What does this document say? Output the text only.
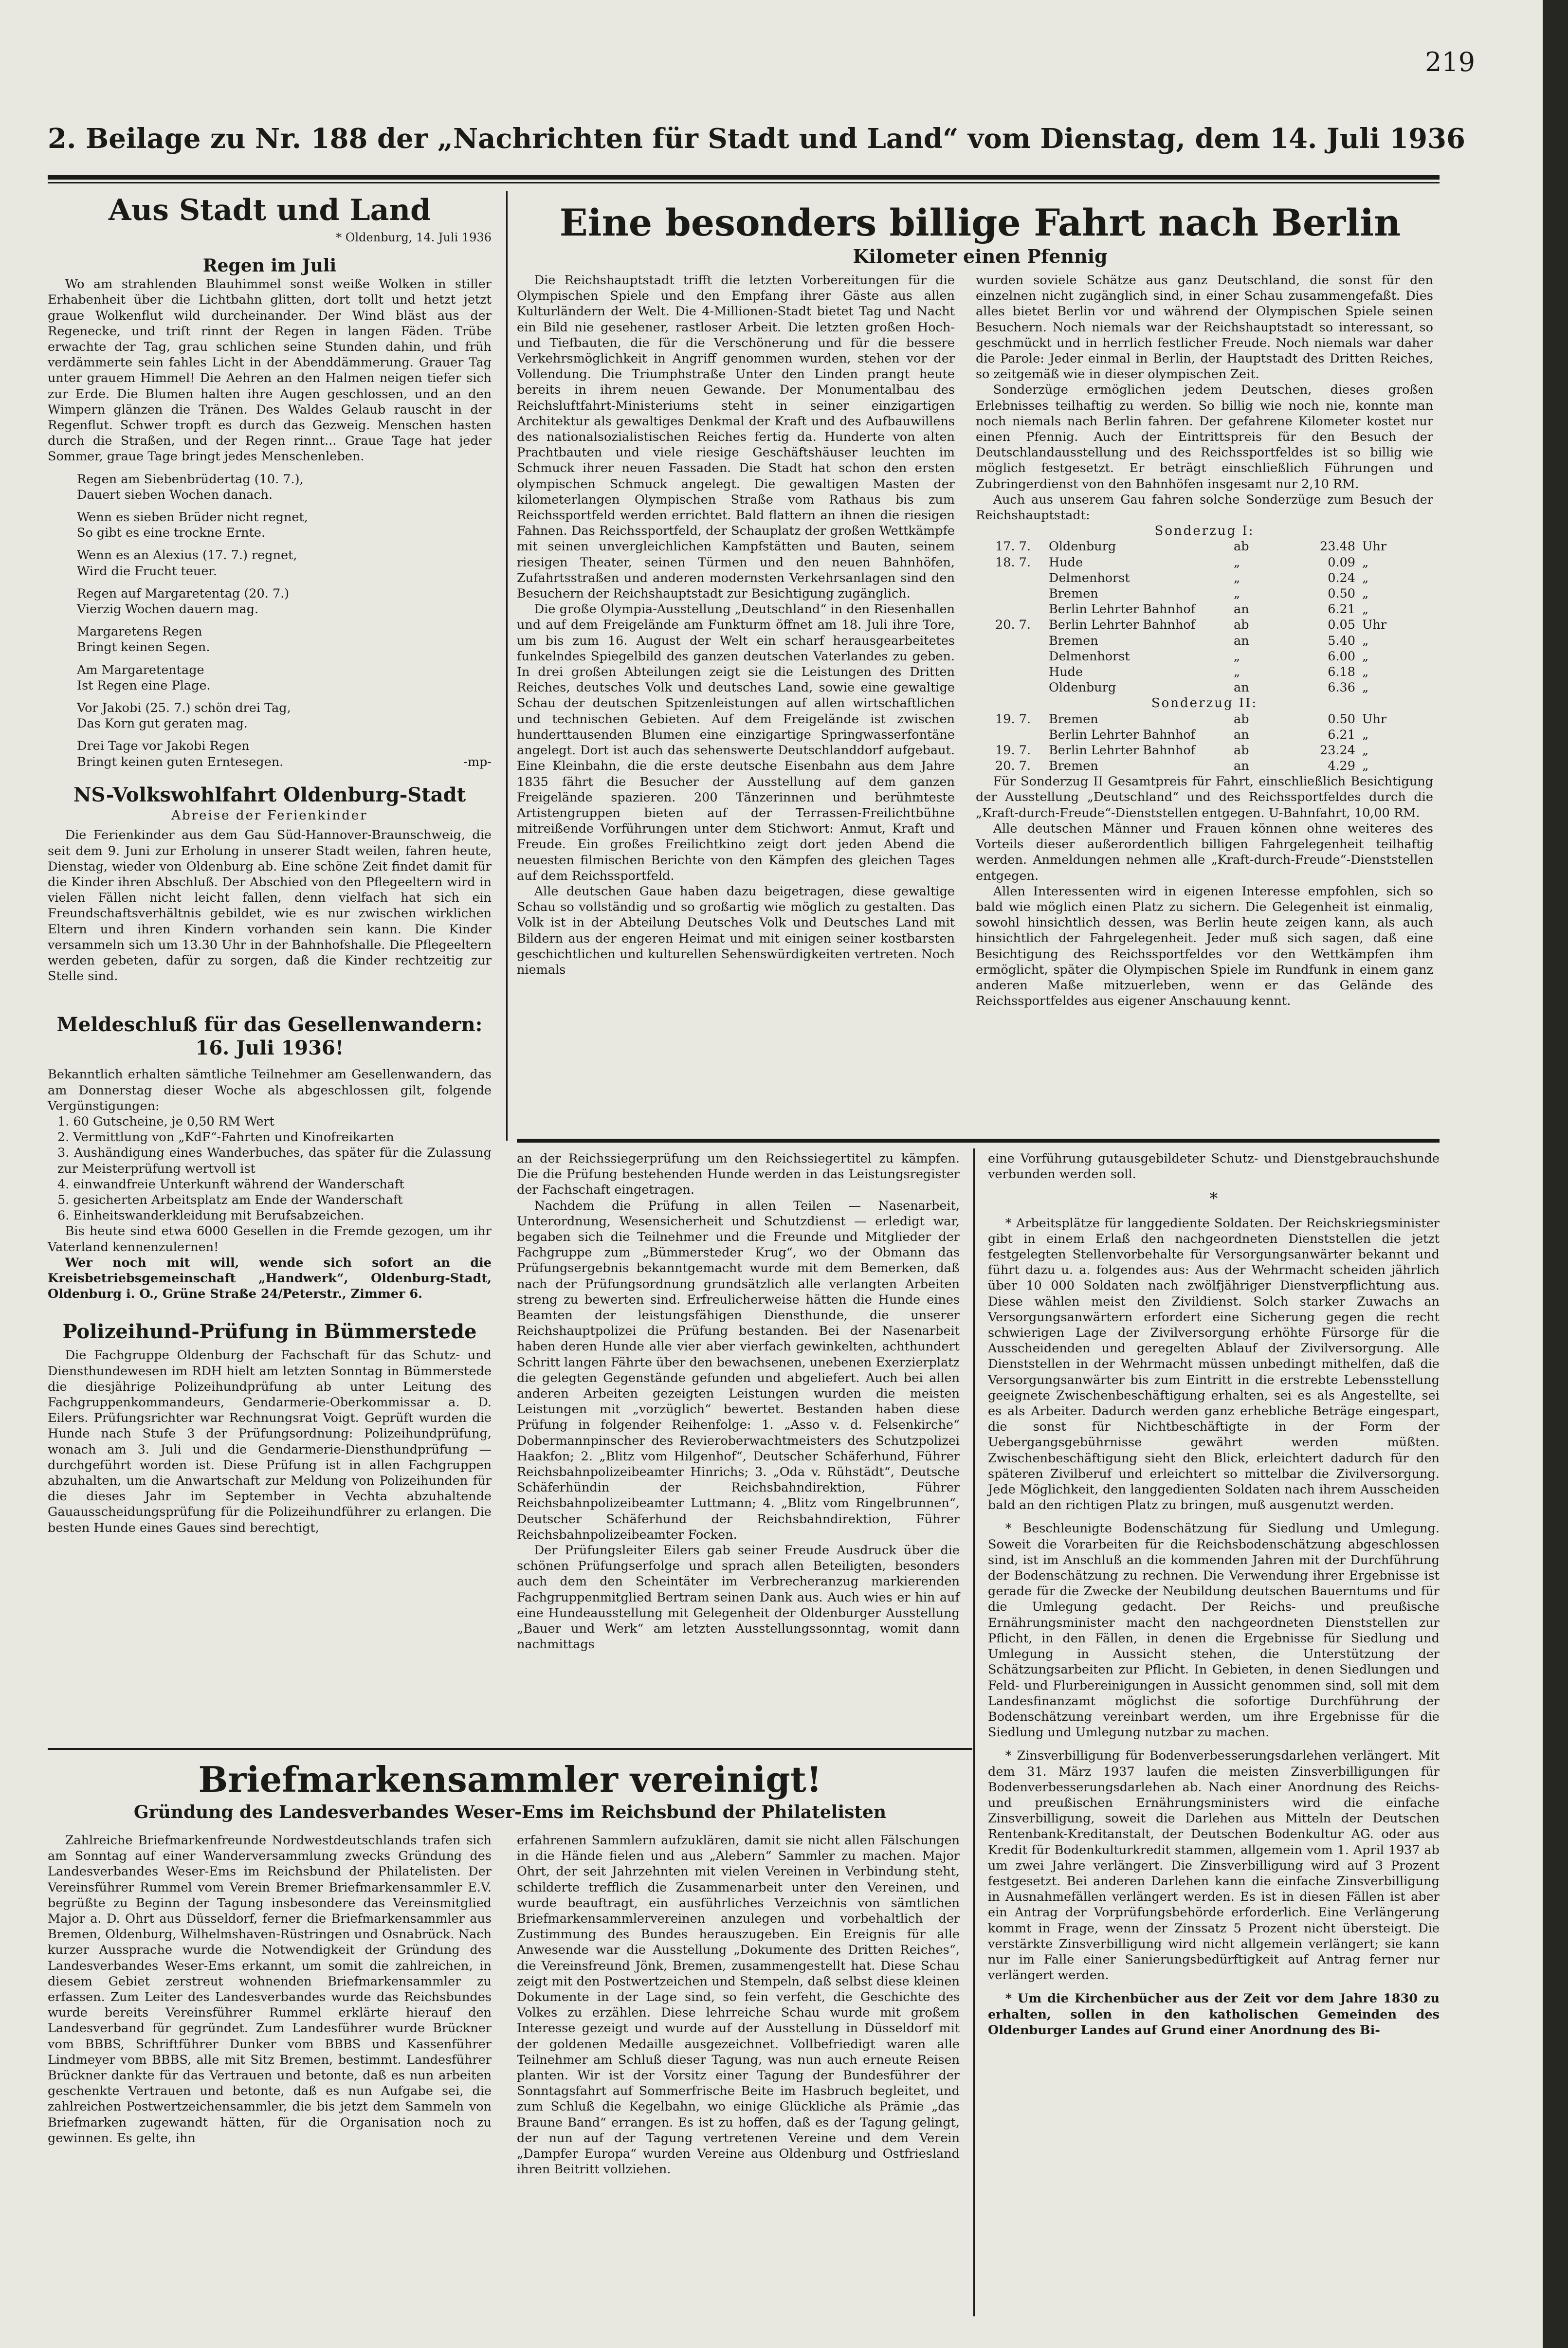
219
2. Beilage zu Nr. 188 der „Nachrichten für Stadt und Land“ vom Dienstag, dem 14. Juli 1936
Aus Stadt und Land
* Oldenburg, 14. Juli 1936
Regen im Juli

Wo am strahlenden Blauhimmel sonst weiße Wolken in stiller Erhabenheit über die Lichtbahn glitten, dort tollt und hetzt jetzt graue Wolkenflut wild durcheinander. Der Wind bläst aus der Regenecke, und triſt rinnt der Regen in langen Fäden. Trübe erwachte der Tag, grau schlichen seine Stunden dahin, und früh verdämmerte sein fahles Licht in der Abenddämmerung. Grauer Tag unter grauem Himmel! Die Aehren an den Halmen neigen tiefer sich zur Erde. Die Blumen halten ihre Augen geschlossen, und an den Wimpern glänzen die Tränen. Des Waldes Gelaub rauscht in der Regenflut. Schwer tropft es durch das Gezweig. Menschen hasten durch die Straßen, und der Regen rinnt... Graue Tage hat jeder Sommer, graue Tage bringt jedes Menschenleben.

Regen am Siebenbrüdertag (10. 7.),
Dauert sieben Wochen danach.

Wenn es sieben Brüder nicht regnet,
So gibt es eine trockne Ernte.

Wenn es an Alexius (17. 7.) regnet,
Wird die Frucht teuer.

Regen auf Margaretentag (20. 7.)
Vierzig Wochen dauern mag.

Margaretens Regen
Bringt keinen Segen.

Am Margaretentage
Ist Regen eine Plage.

Vor Jakobi (25. 7.) schön drei Tag,
Das Korn gut geraten mag.

Drei Tage vor Jakobi Regen
Bringt keinen guten Erntesegen.	-mp-
NS-Volkswohlfahrt Oldenburg-Stadt
Abreise der Ferienkinder

Die Ferienkinder aus dem Gau Süd-Hannover-Braunschweig, die seit dem 9. Juni zur Erholung in unserer Stadt weilen, fahren heute, Dienstag, wieder von Oldenburg ab. Eine schöne Zeit findet damit für die Kinder ihren Abschluß. Der Abschied von den Pflegeeltern wird in vielen Fällen nicht leicht fallen, denn vielfach hat sich ein Freundschaftsverhältnis gebildet, wie es nur zwischen wirklichen Eltern und ihren Kindern vorhanden sein kann. Die Kinder versammeln sich um 13.30 Uhr in der Bahnhofshalle. Die Pflegeeltern werden gebeten, dafür zu sorgen, daß die Kinder rechtzeitig zur Stelle sind.

Meldeschluß für das Gesellenwandern:
16. Juli 1936!

Bekanntlich erhalten sämtliche Teilnehmer am Gesellenwandern, das am Donnerstag dieser Woche als abgeschlossen gilt, folgende Vergünstigungen:

1. 60 Gutscheine, je 0,50 RM Wert

2. Vermittlung von „KdF“-Fahrten und Kinofreikarten

3. Aushändigung eines Wanderbuches, das später für die Zulassung zur Meisterprüfung wertvoll ist

4. einwandfreie Unterkunft während der Wanderschaft

5. gesicherten Arbeitsplatz am Ende der Wanderschaft

6. Einheitswanderkleidung mit Berufsabzeichen.

Bis heute sind etwa 6000 Gesellen in die Fremde gezogen, um ihr Vaterland kennenzulernen!

Wer noch mit will, wende sich sofort an die Kreisbetriebsgemeinschaft „Handwerk“, Oldenburg-Stadt, Oldenburg i. O., Grüne Straße 24/Peterstr., Zimmer 6.

Polizeihund-Prüfung in Bümmerstede

Die Fachgruppe Oldenburg der Fachschaft für das Schutz- und Diensthundewesen im RDH hielt am letzten Sonntag in Bümmerstede die diesjährige Polizeihundprüfung ab unter Leitung des Fachgruppenkommandeurs, Gendarmerie-Oberkommissar a. D. Eilers. Prüfungsrichter war Rechnungsrat Voigt. Geprüft wurden die Hunde nach Stufe 3 der Prüfungsordnung: Polizeihundprüfung, wonach am 3. Juli und die Gendarmerie-Diensthundprüfung — durchgeführt worden ist. Diese Prüfung ist in allen Fachgruppen abzuhalten, um die Anwartschaft zur Meldung von Polizeihunden für die dieses Jahr im September in Vechta abzuhaltende Gauausscheidungsprüfung für die Polizeihundführer zu erlangen. Die besten Hunde eines Gaues sind berechtigt,

Eine besonders billige Fahrt nach Berlin
Kilometer einen Pfennig

Die Reichshauptstadt trifft die letzten Vorbereitungen für die Olympischen Spiele und den Empfang ihrer Gäste aus allen Kulturländern der Welt. Die 4-Millionen-Stadt bietet Tag und Nacht ein Bild nie gesehener, rastloser Arbeit. Die letzten großen Hoch- und Tiefbauten, die für die Verschönerung und für die bessere Verkehrsmöglichkeit in Angriff genommen wurden, stehen vor der Vollendung. Die Triumphstraße Unter den Linden prangt heute bereits in ihrem neuen Gewande. Der Monumentalbau des Reichsluftfahrt-Ministeriums steht in seiner einzigartigen Architektur als gewaltiges Denkmal der Kraft und des Aufbauwillens des nationalsozialistischen Reiches fertig da. Hunderte von alten Prachtbauten und viele riesige Geschäftshäuser leuchten im Schmuck ihrer neuen Fassaden. Die Stadt hat schon den ersten olympischen Schmuck angelegt. Die gewaltigen Masten der kilometerlangen Olympischen Straße vom Rathaus bis zum Reichssportfeld werden errichtet. Bald flattern an ihnen die riesigen Fahnen. Das Reichssportfeld, der Schauplatz der großen Wettkämpfe mit seinen unvergleichlichen Kampfstätten und Bauten, seinem riesigen Theater, seinen Türmen und den neuen Bahnhöfen, Zufahrtsstraßen und anderen modernsten Verkehrsanlagen sind den Besuchern der Reichshauptstadt zur Besichtigung zugänglich.

Die große Olympia-Ausstellung „Deutschland“ in den Riesenhallen und auf dem Freigelände am Funkturm öffnet am 18. Juli ihre Tore, um bis zum 16. August der Welt ein scharf herausgearbeitetes funkelndes Spiegelbild des ganzen deutschen Vaterlandes zu geben. In drei großen Abteilungen zeigt sie die Leistungen des Dritten Reiches, deutsches Volk und deutsches Land, sowie eine gewaltige Schau der deutschen Spitzenleistungen auf allen wirtschaftlichen und technischen Gebieten. Auf dem Freigelände ist zwischen hunderttausenden Blumen eine einzigartige Springwasserfontäne angelegt. Dort ist auch das sehenswerte Deutschlanddorf aufgebaut. Eine Kleinbahn, die die erste deutsche Eisenbahn aus dem Jahre 1835 fährt die Besucher der Ausstellung auf dem ganzen Freigelände spazieren. 200 Tänzerinnen und berühmteste Artistengruppen bieten auf der Terrassen-Freilichtbühne mitreißende Vorführungen unter dem Stichwort: Anmut, Kraft und Freude. Ein großes Freilichtkino zeigt dort jeden Abend die neuesten filmischen Berichte von den Kämpfen des gleichen Tages auf dem Reichssportfeld.

Alle deutschen Gaue haben dazu beigetragen, diese gewaltige Schau so vollständig und so großartig wie möglich zu gestalten. Das Volk ist in der Abteilung Deutsches Volk und Deutsches Land mit Bildern aus der engeren Heimat und mit einigen seiner kostbarsten geschichtlichen und kulturellen Sehenswürdigkeiten vertreten. Noch niemals

wurden soviele Schätze aus ganz Deutschland, die sonst für den einzelnen nicht zugänglich sind, in einer Schau zusammengefaßt. Dies alles bietet Berlin vor und während der Olympischen Spiele seinen Besuchern. Noch niemals war der Reichshauptstadt so interessant, so geschmückt und in herrlich festlicher Freude. Noch niemals war daher die Parole: Jeder einmal in Berlin, der Hauptstadt des Dritten Reiches, so zeitgemäß wie in dieser olympischen Zeit.

Sonderzüge ermöglichen jedem Deutschen, dieses großen Erlebnisses teilhaftig zu werden. So billig wie noch nie, konnte man noch niemals nach Berlin fahren. Der gefahrene Kilometer kostet nur einen Pfennig. Auch der Eintrittspreis für den Besuch der Deutschlandausstellung und des Reichssportfeldes ist so billig wie möglich festgesetzt. Er beträgt einschließlich Führungen und Zubringerdienst von den Bahnhöfen insgesamt nur 2,10 RM.

Auch aus unserem Gau fahren solche Sonderzüge zum Besuch der Reichshauptstadt:

Sonderzug I:
17. 7.	Oldenburg	ab	23.48 Uhr
18. 7.	Hude	„	0.09 „
Delmenhorst	„	0.24 „
Bremen	„	0.50 „
Berlin Lehrter Bahnhof	an	6.21 „
20. 7.	Berlin Lehrter Bahnhof	ab	0.05 Uhr
Bremen	an	5.40 „
Delmenhorst	„	6.00 „
Hude	„	6.18 „
Oldenburg	an	6.36 „
Sonderzug II:
19. 7.	Bremen	ab	0.50 Uhr
Berlin Lehrter Bahnhof	an	6.21 „
19. 7.	Berlin Lehrter Bahnhof	ab	23.24 „
20. 7.	Bremen	an	4.29 „

Für Sonderzug II Gesamtpreis für Fahrt, einschließlich Besichtigung der Ausstellung „Deutschland“ und des Reichssportfeldes durch die „Kraft-durch-Freude“-Dienststellen entgegen. U-Bahnfahrt, 10,00 RM.

Alle deutschen Männer und Frauen können ohne weiteres des Vorteils dieser außerordentlich billigen Fahrgelegenheit teilhaftig werden. Anmeldungen nehmen alle „Kraft-durch-Freude“-Dienststellen entgegen.

Allen Interessenten wird in eigenen Interesse empfohlen, sich so bald wie möglich einen Platz zu sichern. Die Gelegenheit ist einmalig, sowohl hinsichtlich dessen, was Berlin heute zeigen kann, als auch hinsichtlich der Fahrgelegenheit. Jeder muß sich sagen, daß eine Besichtigung des Reichssportfeldes vor den Wettkämpfen ihm ermöglicht, später die Olympischen Spiele im Rundfunk in einem ganz anderen Maße mitzuerleben, wenn er das Gelände des Reichssportfeldes aus eigener Anschauung kennt.

an der Reichssiegerprüfung um den Reichssiegertitel zu kämpfen. Die die Prüfung bestehenden Hunde werden in das Leistungsregister der Fachschaft eingetragen.

Nachdem die Prüfung in allen Teilen — Nasenarbeit, Unterordnung, Wesensicherheit und Schutzdienst — erledigt war, begaben sich die Teilnehmer und die Freunde und Mitglieder der Fachgruppe zum „Bümmersteder Krug“, wo der Obmann das Prüfungsergebnis bekanntgemacht wurde mit dem Bemerken, daß nach der Prüfungsordnung grundsätzlich alle verlangten Arbeiten streng zu bewerten sind. Erfreulicherweise hätten die Hunde eines Beamten der leistungsfähigen Diensthunde, die unserer Reichshauptpolizei die Prüfung bestanden. Bei der Nasenarbeit haben deren Hunde alle vier aber vierfach gewinkelten, achthundert Schritt langen Fährte über den bewachsenen, unebenen Exerzierplatz die gelegten Gegenstände gefunden und abgeliefert. Auch bei allen anderen Arbeiten gezeigten Leistungen wurden die meisten Leistungen mit „vorzüglich“ bewertet. Bestanden haben diese Prüfung in folgender Reihenfolge: 1. „Asso v. d. Felsenkirche“ Dobermannpinscher des Revieroberwachtmeisters des Schutzpolizei Haakfon; 2. „Blitz vom Hilgenhof“, Deutscher Schäferhund, Führer Reichsbahnpolizeibeamter Hinrichs; 3. „Oda v. Rühstädt“, Deutsche Schäferhündin der Reichsbahndirektion, Führer Reichsbahnpolizeibeamter Luttmann; 4. „Blitz vom Ringelbrunnen“, Deutscher Schäferhund der Reichsbahndirektion, Führer Reichsbahnpolizeibeamter Focken.

Der Prüfungsleiter Eilers gab seiner Freude Ausdruck über die schönen Prüfungserfolge und sprach allen Beteiligten, besonders auch dem den Scheintäter im Verbrecheranzug markierenden Fachgruppenmitglied Bertram seinen Dank aus. Auch wies er hin auf eine Hundeausstellung mit Gelegenheit der Oldenburger Ausstellung „Bauer und Werk“ am letzten Ausstellungssonntag, womit dann nachmittags

eine Vorführung gutausgebildeter Schutz- und Dienstgebrauchshunde verbunden werden soll.

*

* Arbeitsplätze für langgediente Soldaten. Der Reichskriegsminister gibt in einem Erlaß den nachgeordneten Dienststellen die jetzt festgelegten Stellenvorbehalte für Versorgungsanwärter bekannt und führt dazu u. a. folgendes aus: Aus der Wehrmacht scheiden jährlich über 10 000 Soldaten nach zwölfjähriger Dienstverpflichtung aus. Diese wählen meist den Zivildienst. Solch starker Zuwachs an Versorgungsanwärtern erfordert eine Sicherung gegen die recht schwierigen Lage der Zivilversorgung erhöhte Fürsorge für die Ausscheidenden und geregelten Ablauf der Zivilversorgung. Alle Dienststellen in der Wehrmacht müssen unbedingt mithelfen, daß die Versorgungsanwärter bis zum Eintritt in die erstrebte Lebensstellung geeignete Zwischenbeschäftigung erhalten, sei es als Angestellte, sei es als Arbeiter. Dadurch werden ganz erhebliche Beträge eingespart, die sonst für Nichtbeschäftigte in der Form der Uebergangsgebührnisse gewährt werden müßten. Zwischenbeschäftigung sieht den Blick, erleichtert dadurch für den späteren Zivilberuf und erleichtert so mittelbar die Zivilversorgung. Jede Möglichkeit, den langgedienten Soldaten nach ihrem Ausscheiden bald an den richtigen Platz zu bringen, muß ausgenutzt werden.

* Beschleunigte Bodenschätzung für Siedlung und Umlegung. Soweit die Vorarbeiten für die Reichsbodenschätzung abgeschlossen sind, ist im Anschluß an die kommenden Jahren mit der Durchführung der Bodenschätzung zu rechnen. Die Verwendung ihrer Ergebnisse ist gerade für die Zwecke der Neubildung deutschen Bauerntums und für die Umlegung gedacht. Der Reichs- und preußische Ernährungsminister macht den nachgeordneten Dienststellen zur Pflicht, in den Fällen, in denen die Ergebnisse für Siedlung und Umlegung in Aussicht stehen, die Unterstützung der Schätzungsarbeiten zur Pflicht. In Gebieten, in denen Siedlungen und Feld- und Flurbereinigungen in Aussicht genommen sind, soll mit dem Landesfinanzamt möglichst die sofortige Durchführung der Bodenschätzung vereinbart werden, um ihre Ergebnisse für die Siedlung und Umlegung nutzbar zu machen.

* Zinsverbilligung für Bodenverbesserungsdarlehen verlängert. Mit dem 31. März 1937 laufen die meisten Zinsverbilligungen für Bodenverbesserungsdarlehen ab. Nach einer Anordnung des Reichs- und preußischen Ernährungsministers wird die einfache Zinsverbilligung, soweit die Darlehen aus Mitteln der Deutschen Rentenbank-Kreditanstalt, der Deutschen Bodenkultur AG. oder aus Kredit für Bodenkulturkredit stammen, allgemein vom 1. April 1937 ab um zwei Jahre verlängert. Die Zinsverbilligung wird auf 3 Prozent festgesetzt. Bei anderen Darlehen kann die einfache Zinsverbilligung in Ausnahmefällen verlängert werden. Es ist in diesen Fällen ist aber ein Antrag der Vorprüfungsbehörde erforderlich. Eine Verlängerung kommt in Frage, wenn der Zinssatz 5 Prozent nicht übersteigt. Die verstärkte Zinsverbilligung wird nicht allgemein verlängert; sie kann nur im Falle einer Sanierungsbedürftigkeit auf Antrag ferner nur verlängert werden.

* Um die Kirchenbücher aus der Zeit vor dem Jahre 1830 zu erhalten, sollen in den katholischen Gemeinden des Oldenburger Landes auf Grund einer Anordnung des Bi-

Briefmarkensammler vereinigt!
Gründung des Landesverbandes Weser-Ems im Reichsbund der Philatelisten

Zahlreiche Briefmarkenfreunde Nordwestdeutschlands trafen sich am Sonntag auf einer Wanderversammlung zwecks Gründung des Landesverbandes Weser-Ems im Reichsbund der Philatelisten. Der Vereinsführer Rummel vom Verein Bremer Briefmarkensammler E.V. begrüßte zu Beginn der Tagung insbesondere das Vereinsmitglied Major a. D. Ohrt aus Düsseldorf, ferner die Briefmarkensammler aus Bremen, Oldenburg, Wilhelmshaven-Rüstringen und Osnabrück. Nach kurzer Aussprache wurde die Notwendigkeit der Gründung des Landesverbandes Weser-Ems erkannt, um somit die zahlreichen, in diesem Gebiet zerstreut wohnenden Briefmarkensammler zu erfassen. Zum Leiter des Landesverbandes wurde das Reichsbundes wurde bereits Vereinsführer Rummel erklärte hierauf den Landesverband für gegründet. Zum Landesführer wurde Brückner vom BBBS, Schriftführer Dunker vom BBBS und Kassenführer Lindmeyer vom BBBS, alle mit Sitz Bremen, bestimmt. Landesführer Brückner dankte für das Vertrauen und betonte, daß es nun arbeiten geschenkte Vertrauen und betonte, daß es nun Aufgabe sei, die zahlreichen Postwertzeichensammler, die bis jetzt dem Sammeln von Briefmarken zugewandt hätten, für die Organisation noch zu gewinnen. Es gelte, ihn

erfahrenen Sammlern aufzuklären, damit sie nicht allen Fälschungen in die Hände fielen und aus „Alebern“ Sammler zu machen. Major Ohrt, der seit Jahrzehnten mit vielen Vereinen in Verbindung steht, schilderte trefflich die Zusammenarbeit unter den Vereinen, und wurde beauftragt, ein ausführliches Verzeichnis von sämtlichen Briefmarkensammlervereinen anzulegen und vorbehaltlich der Zustimmung des Bundes herauszugeben. Ein Ereignis für alle Anwesende war die Ausstellung „Dokumente des Dritten Reiches“, die Vereinsfreund Jönk, Bremen, zusammengestellt hat. Diese Schau zeigt mit den Postwertzeichen und Stempeln, daß selbst diese kleinen Dokumente in der Lage sind, so fein verfeht, die Geschichte des Volkes zu erzählen. Diese lehrreiche Schau wurde mit großem Interesse gezeigt und wurde auf der Ausstellung in Düsseldorf mit der goldenen Medaille ausgezeichnet. Vollbefriedigt waren alle Teilnehmer am Schluß dieser Tagung, was nun auch erneute Reisen planten. Wir ist der Vorsitz einer Tagung der Bundesführer der Sonntagsfahrt auf Sommerfrische Beite im Hasbruch begleitet, und zum Schluß die Kegelbahn, wo einige Glückliche als Prämie „das Braune Band“ errangen. Es ist zu hoffen, daß es der Tagung gelingt, der nun auf der Tagung vertretenen Vereine und dem Verein „Dampfer Europa“ wurden Vereine aus Oldenburg und Ostfriesland ihren Beitritt vollziehen.
